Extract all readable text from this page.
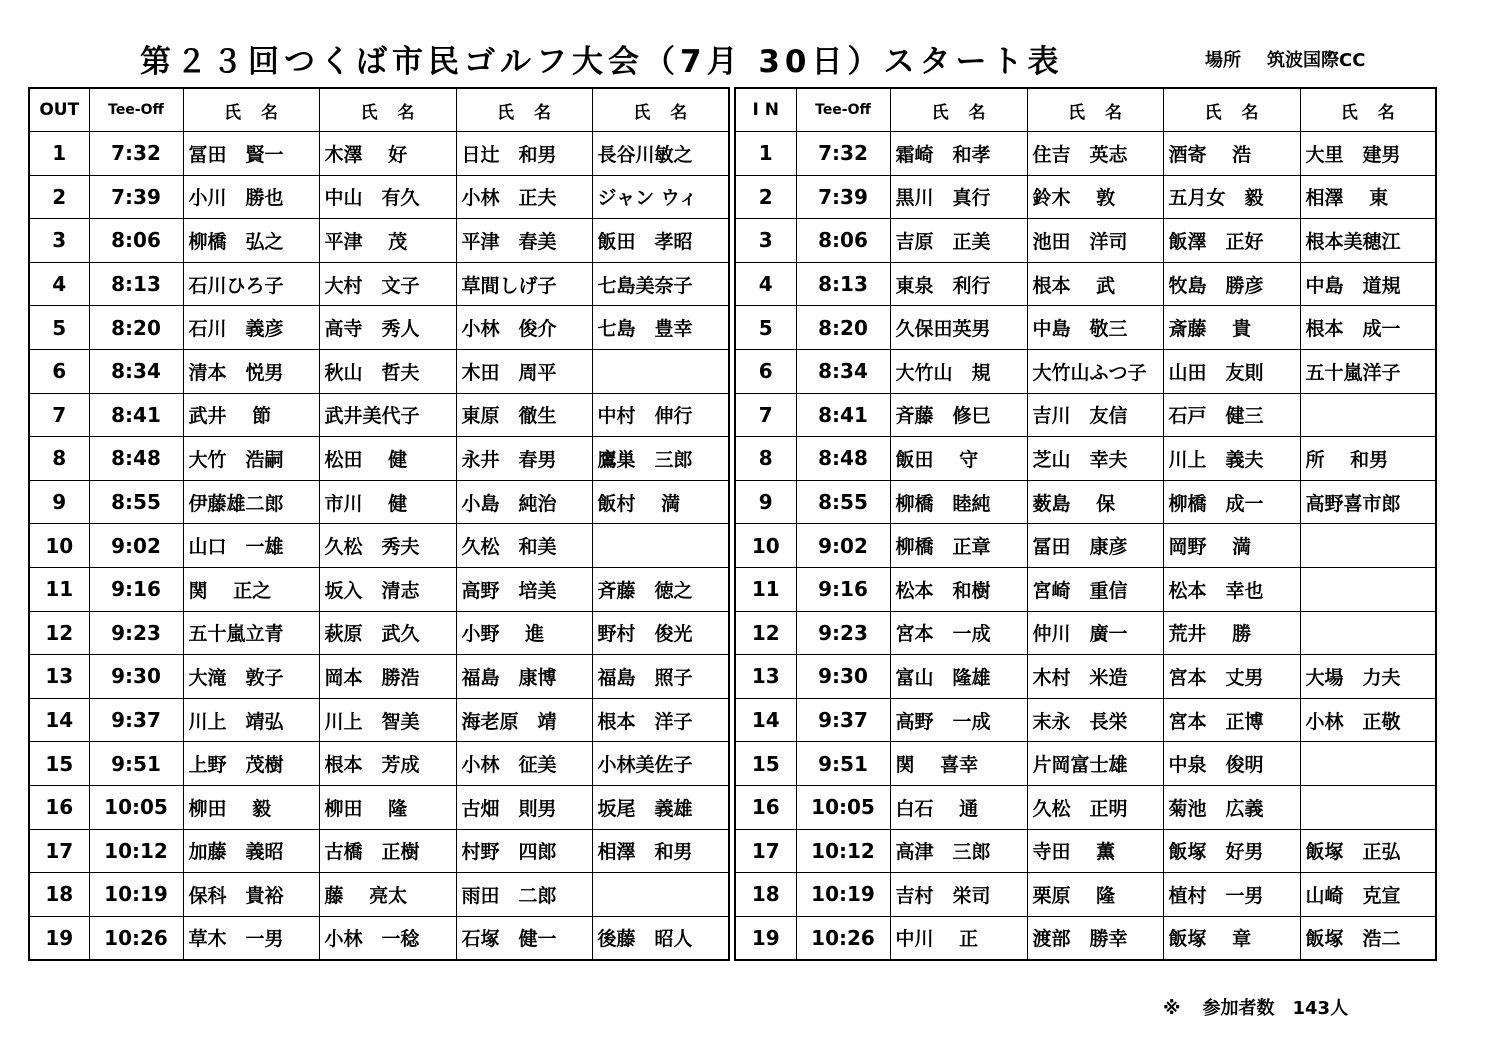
第２３回つくば市民ゴルフ大会（7月 30日）スタート表	場所 筑波国際CC
OUT	Tee-Off	氏名	氏名	氏名	氏名
1	7:32	冨田　賢一	木澤　 好	日辻　和男	長谷川敏之
2	7:39	小川　勝也	中山　有久	小林　正夫	ジャン ウィ
3	8:06	柳橋　弘之	平津　 茂	平津　春美	飯田　孝昭
4	8:13	石川ひろ子	大村　文子	草間しげ子	七島美奈子
5	8:20	石川　義彦	高寺　秀人	小林　俊介	七島　豊幸
6	8:34	清本　悦男	秋山　哲夫	木田　周平	
7	8:41	武井　 節	武井美代子	東原　徹生	中村　伸行
8	8:48	大竹　浩嗣	松田　 健	永井　春男	鷹巣　三郎
9	8:55	伊藤雄二郎	市川　 健	小島　純治	飯村　 満
10	9:02	山口　一雄	久松　秀夫	久松　和美	
11	9:16	関　 正之	坂入　清志	高野　培美	斉藤　徳之
12	9:23	五十嵐立青	萩原　武久	小野　 進	野村　俊光
13	9:30	大滝　敦子	岡本　勝浩	福島　康博	福島　照子
14	9:37	川上　靖弘	川上　智美	海老原　靖	根本　洋子
15	9:51	上野　茂樹	根本　芳成	小林　征美	小林美佐子
16	10:05	柳田　 毅	柳田　 隆	古畑　則男	坂尾　義雄
17	10:12	加藤　義昭	古橋　正樹	村野　四郎	相澤　和男
18	10:19	保科　貴裕	藤　 亮太	雨田　二郎	
19	10:26	草木　一男	小林　一稔	石塚　健一	後藤　昭人
I N	Tee-Off	氏名	氏名	氏名	氏名
1	7:32	霜崎　和孝	住吉　英志	酒寄　 浩	大里　建男
2	7:39	黒川　真行	鈴木　 敦	五月女　毅	相澤　 東
3	8:06	吉原　正美	池田　洋司	飯澤　正好	根本美穂江
4	8:13	東泉　利行	根本　 武	牧島　勝彦	中島　道規
5	8:20	久保田英男	中島　敬三	斎藤　 貴	根本　成一
6	8:34	大竹山　規	大竹山ふつ子	山田　友則	五十嵐洋子
7	8:41	斉藤　修巳	吉川　友信	石戸　健三	
8	8:48	飯田　 守	芝山　幸夫	川上　義夫	所　 和男
9	8:55	柳橋　睦純	薮島　 保	柳橋　成一	高野喜市郎
10	9:02	柳橋　正章	冨田　康彦	岡野　 満	
11	9:16	松本　和樹	宮崎　重信	松本　幸也	
12	9:23	宮本　一成	仲川　廣一	荒井　 勝	
13	9:30	富山　隆雄	木村　米造	宮本　丈男	大場　力夫
14	9:37	高野　一成	末永　長栄	宮本　正博	小林　正敬
15	9:51	関　 喜幸	片岡富士雄	中泉　俊明	
16	10:05	白石　 通	久松　正明	菊池　広義	
17	10:12	高津　三郎	寺田　 薫	飯塚　好男	飯塚　正弘
18	10:19	吉村　栄司	栗原　 隆	植村　一男	山崎　克宣
19	10:26	中川　 正	渡部　勝幸	飯塚　 章	飯塚　浩二
※ 参加者数　143人
